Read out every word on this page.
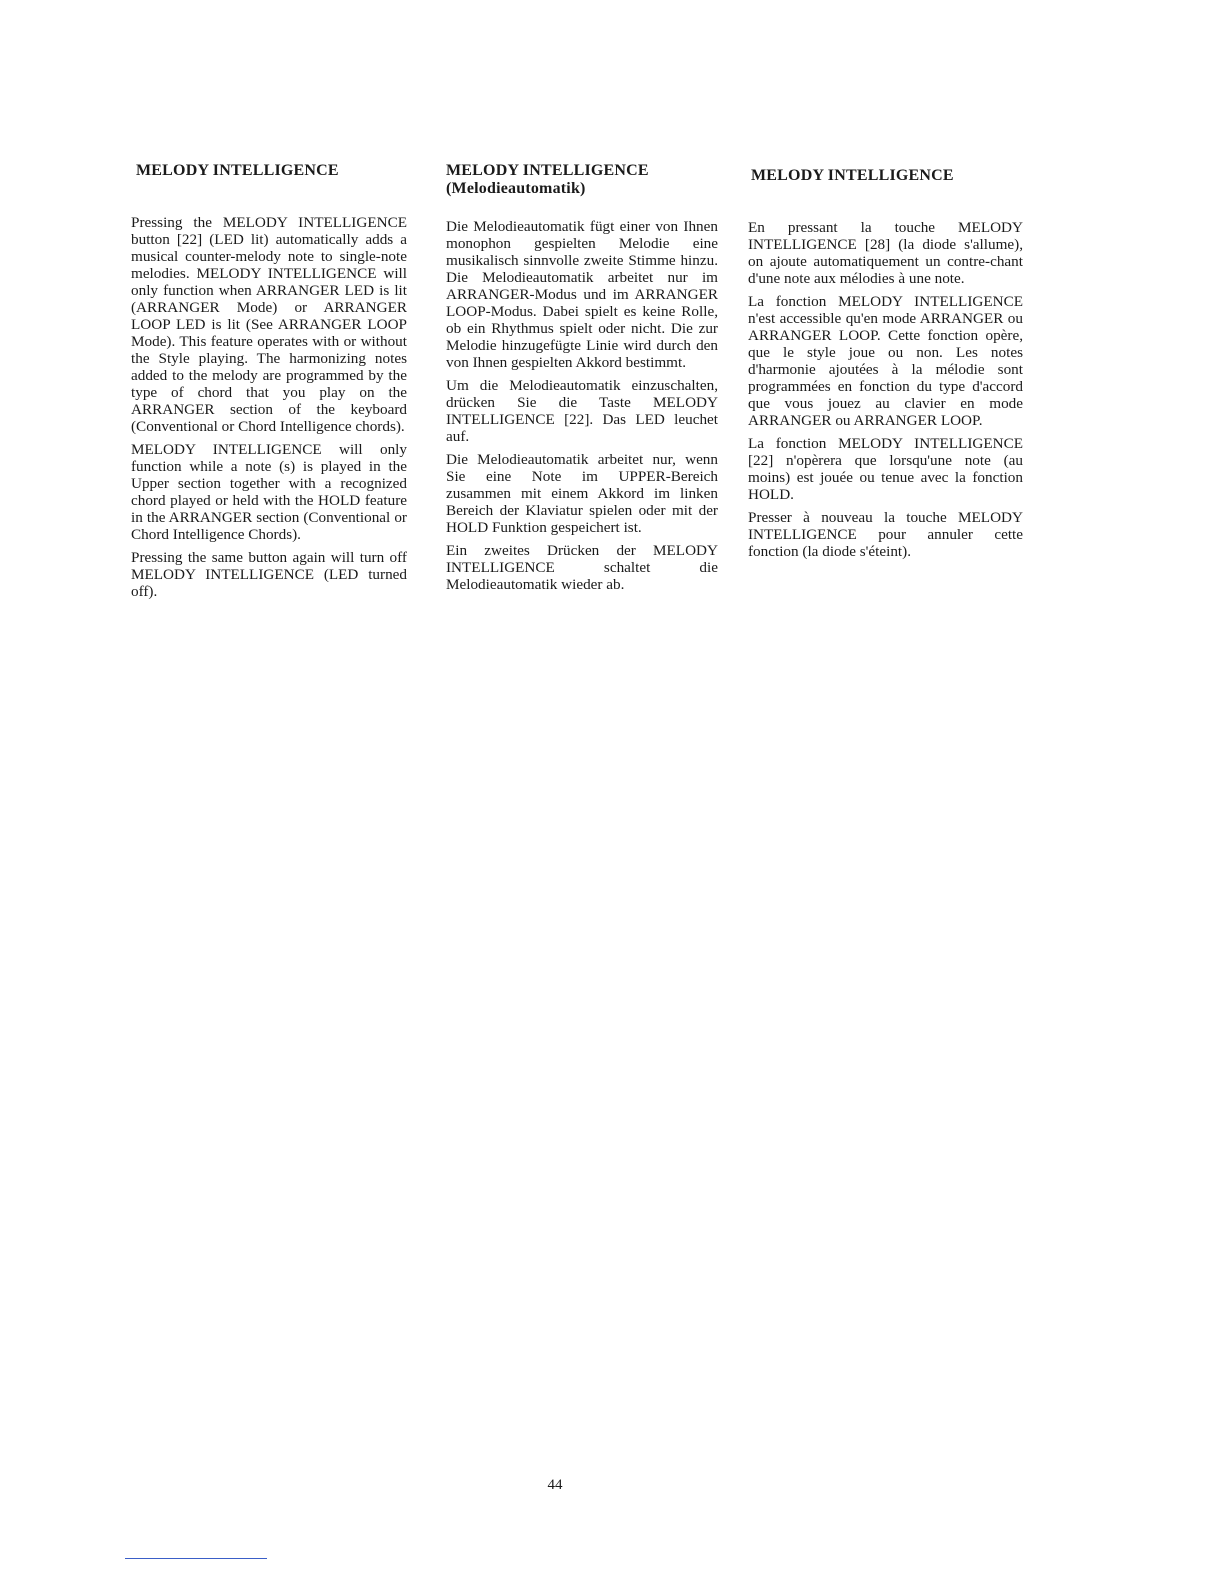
MELODY INTELLIGENCE

Pressing the MELODY INTELLIGENCE button [22] (LED lit) automatically adds a musical counter-melody note to single-note melodies. MELODY INTELLIGENCE will only function when ARRANGER LED is lit (ARRANGER Mode) or ARRANGER LOOP LED is lit (See ARRANGER LOOP Mode). This feature operates with or without the Style playing. The harmonizing notes added to the melody are programmed by the type of chord that you play on the ARRANGER section of the keyboard (Conventional or Chord Intelligence chords).

MELODY INTELLIGENCE will only function while a note (s) is played in the Upper section together with a recognized chord played or held with the HOLD feature in the ARRANGER section (Conventional or Chord Intelligence Chords).

Pressing the same button again will turn off MELODY INTELLIGENCE (LED turned off).

MELODY INTELLIGENCE
(Melodieautomatik)

Die Melodieautomatik fügt einer von Ihnen monophon gespielten Melodie eine musikalisch sinnvolle zweite Stimme hinzu. Die Melodieautomatik arbeitet nur im ARRANGER-Modus und im ARRANGER LOOP-Modus. Dabei spielt es keine Rolle, ob ein Rhythmus spielt oder nicht. Die zur Melodie hinzugefügte Linie wird durch den von Ihnen gespielten Akkord bestimmt.

Um die Melodieautomatik einzuschalten, drücken Sie die Taste MELODY INTELLIGENCE [22]. Das LED leuchet auf.

Die Melodieautomatik arbeitet nur, wenn Sie eine Note im UPPER-Bereich zusammen mit einem Akkord im linken Bereich der Klaviatur spielen oder mit der HOLD Funktion gespeichert ist.

Ein zweites Drücken der MELODY INTELLIGENCE schaltet die Melodieautomatik wieder ab.

MELODY INTELLIGENCE

En pressant la touche MELODY INTELLIGENCE [28] (la diode s'allume), on ajoute automatiquement un contre-chant d'une note aux mélodies à une note.

La fonction MELODY INTELLIGENCE n'est accessible qu'en mode ARRANGER ou ARRANGER LOOP. Cette fonction opère, que le style joue ou non. Les notes d'harmonie ajoutées à la mélodie sont programmées en fonction du type d'accord que vous jouez au clavier en mode ARRANGER ou ARRANGER LOOP.

La fonction MELODY INTELLIGENCE [22] n'opèrera que lorsqu'une note (au moins) est jouée ou tenue avec la fonction HOLD.

Presser à nouveau la touche MELODY INTELLIGENCE pour annuler cette fonction (la diode s'éteint).

44
